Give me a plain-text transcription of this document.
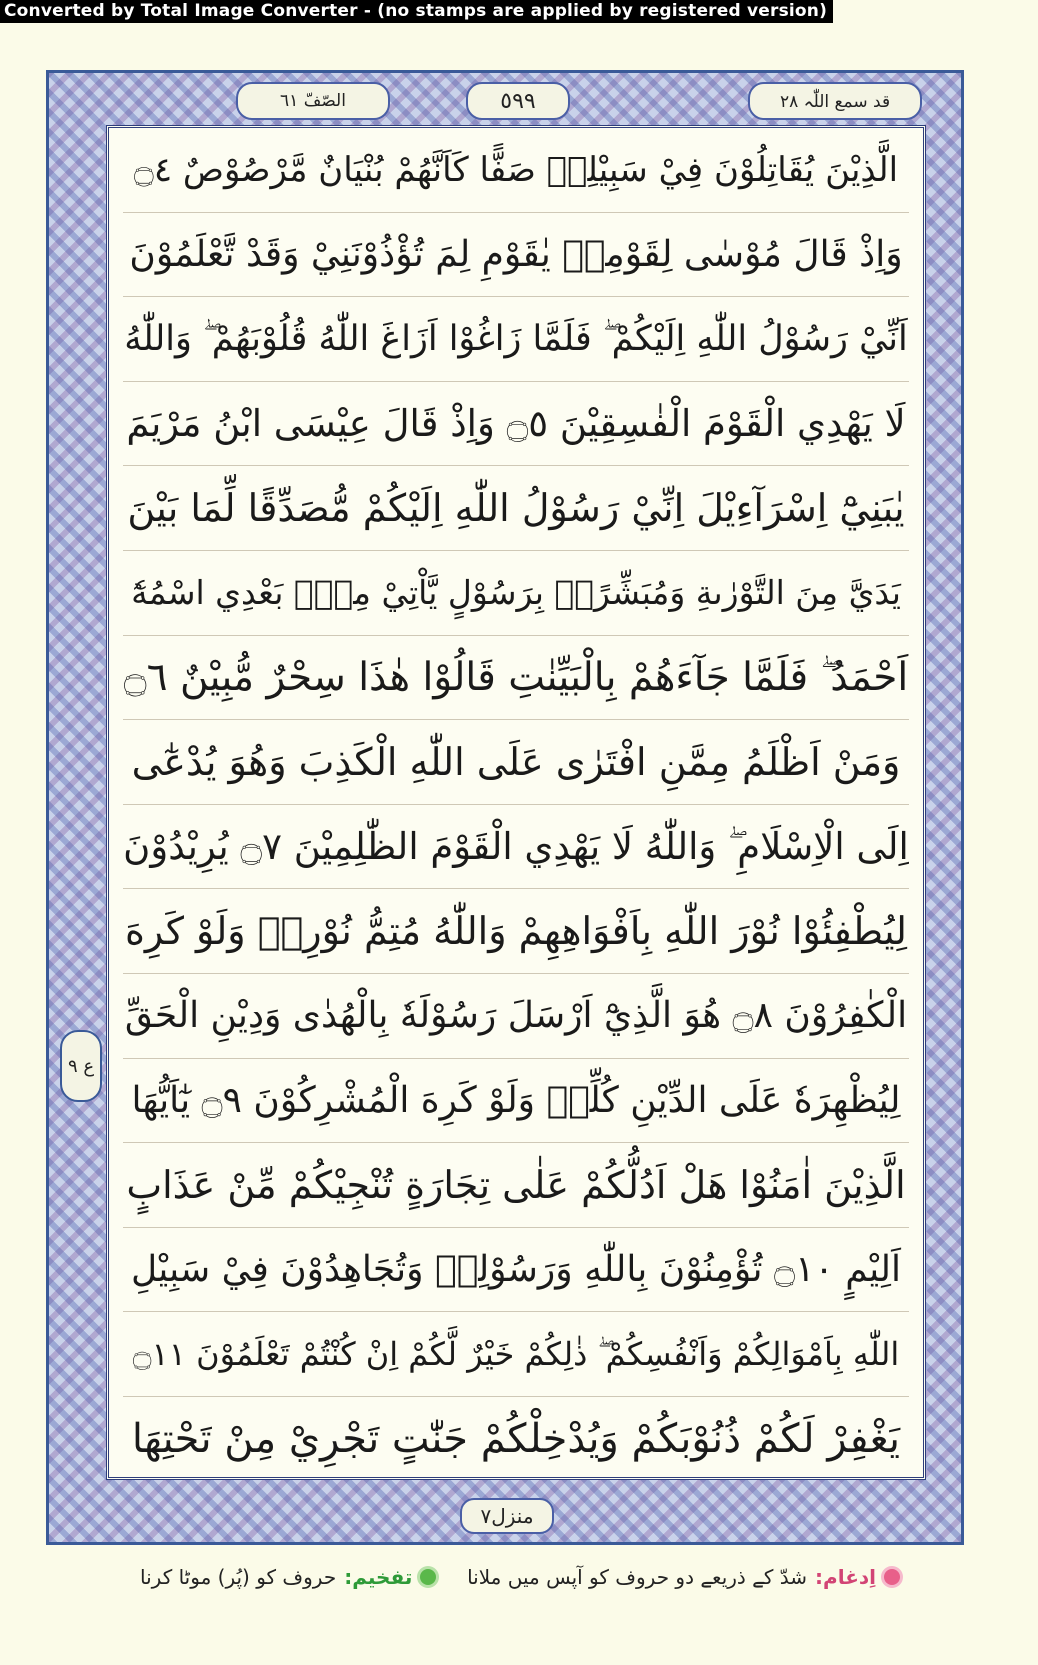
Converted by Total Image Converter - (no stamps are applied by registered version)
قد سمع اللّٰہ ٢٨
٥٩٩
الصّفّ ٦١
الَّذِيْنَ يُقَاتِلُوْنَ فِيْ سَبِيْلِهٖ صَفًّا كَاَنَّهُمْ بُنْيَانٌ مَّرْصُوْصٌ ۝٤
وَاِذْ قَالَ مُوْسٰى لِقَوْمِهٖ يٰقَوْمِ لِمَ تُؤْذُوْنَنِيْ وَقَدْ تَّعْلَمُوْنَ
اَنِّيْ رَسُوْلُ اللّٰهِ اِلَيْكُمْ ۖ فَلَمَّا زَاغُوْا اَزَاغَ اللّٰهُ قُلُوْبَهُمْ ۖ وَاللّٰهُ
لَا يَهْدِي الْقَوْمَ الْفٰسِقِيْنَ ۝٥ وَاِذْ قَالَ عِيْسَى ابْنُ مَرْيَمَ
يٰبَنِيْٓ اِسْرَآءِيْلَ اِنِّيْ رَسُوْلُ اللّٰهِ اِلَيْكُمْ مُّصَدِّقًا لِّمَا بَيْنَ
يَدَيَّ مِنَ التَّوْرٰىةِ وَمُبَشِّرًاۢ بِرَسُوْلٍ يَّاْتِيْ مِنْۢ بَعْدِي اسْمُهٗٓ
اَحْمَدُ ۖ فَلَمَّا جَآءَهُمْ بِالْبَيِّنٰتِ قَالُوْا هٰذَا سِحْرٌ مُّبِيْنٌ ۝٦
وَمَنْ اَظْلَمُ مِمَّنِ افْتَرٰى عَلَى اللّٰهِ الْكَذِبَ وَهُوَ يُدْعٰٓى
اِلَى الْاِسْلَامِ ۖ وَاللّٰهُ لَا يَهْدِي الْقَوْمَ الظّٰلِمِيْنَ ۝٧ يُرِيْدُوْنَ
لِيُطْفِئُوْا نُوْرَ اللّٰهِ بِاَفْوَاهِهِمْ وَاللّٰهُ مُتِمُّ نُوْرِهٖ وَلَوْ كَرِهَ
الْكٰفِرُوْنَ ۝٨ هُوَ الَّذِيْٓ اَرْسَلَ رَسُوْلَهٗ بِالْهُدٰى وَدِيْنِ الْحَقِّ
لِيُظْهِرَهٗ عَلَى الدِّيْنِ كُلِّهٖ وَلَوْ كَرِهَ الْمُشْرِكُوْنَ ۝٩ يٰٓاَيُّهَا
الَّذِيْنَ اٰمَنُوْا هَلْ اَدُلُّكُمْ عَلٰى تِجَارَةٍ تُنْجِيْكُمْ مِّنْ عَذَابٍ
اَلِيْمٍ ۝١٠ تُؤْمِنُوْنَ بِاللّٰهِ وَرَسُوْلِهٖ وَتُجَاهِدُوْنَ فِيْ سَبِيْلِ
اللّٰهِ بِاَمْوَالِكُمْ وَاَنْفُسِكُمْ ۖ ذٰلِكُمْ خَيْرٌ لَّكُمْ اِنْ كُنْتُمْ تَعْلَمُوْنَ ۝١١
يَغْفِرْ لَكُمْ ذُنُوْبَكُمْ وَيُدْخِلْكُمْ جَنّٰتٍ تَجْرِيْ مِنْ تَحْتِهَا
ع ٩
منزل٧
اِدغام:
شدّ کے ذریعے دو حروف کو آپس میں ملانا
تفخیم:
حروف کو (پُر) موٹا کرنا
